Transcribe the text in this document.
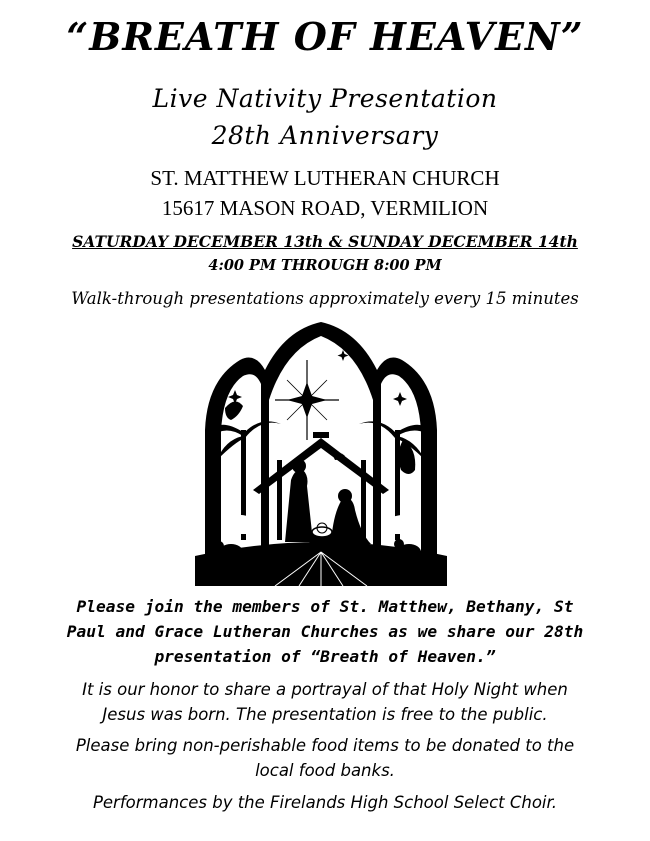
“BREATH OF HEAVEN”
Live Nativity Presentation
28th Anniversary
ST. MATTHEW LUTHERAN CHURCH
15617 MASON ROAD, VERMILION
SATURDAY DECEMBER 13th & SUNDAY DECEMBER 14th
4:00 PM THROUGH 8:00 PM
Walk-through presentations approximately every 15 minutes
Please join the members of St. Matthew, Bethany, St
Paul and Grace Lutheran Churches as we share our 28th
presentation of “Breath of Heaven.”
It is our honor to share a portrayal of that Holy Night when
Jesus was born. The presentation is free to the public.
Please bring non-perishable food items to be donated to the
local food banks.
Performances by the Firelands High School Select Choir.
